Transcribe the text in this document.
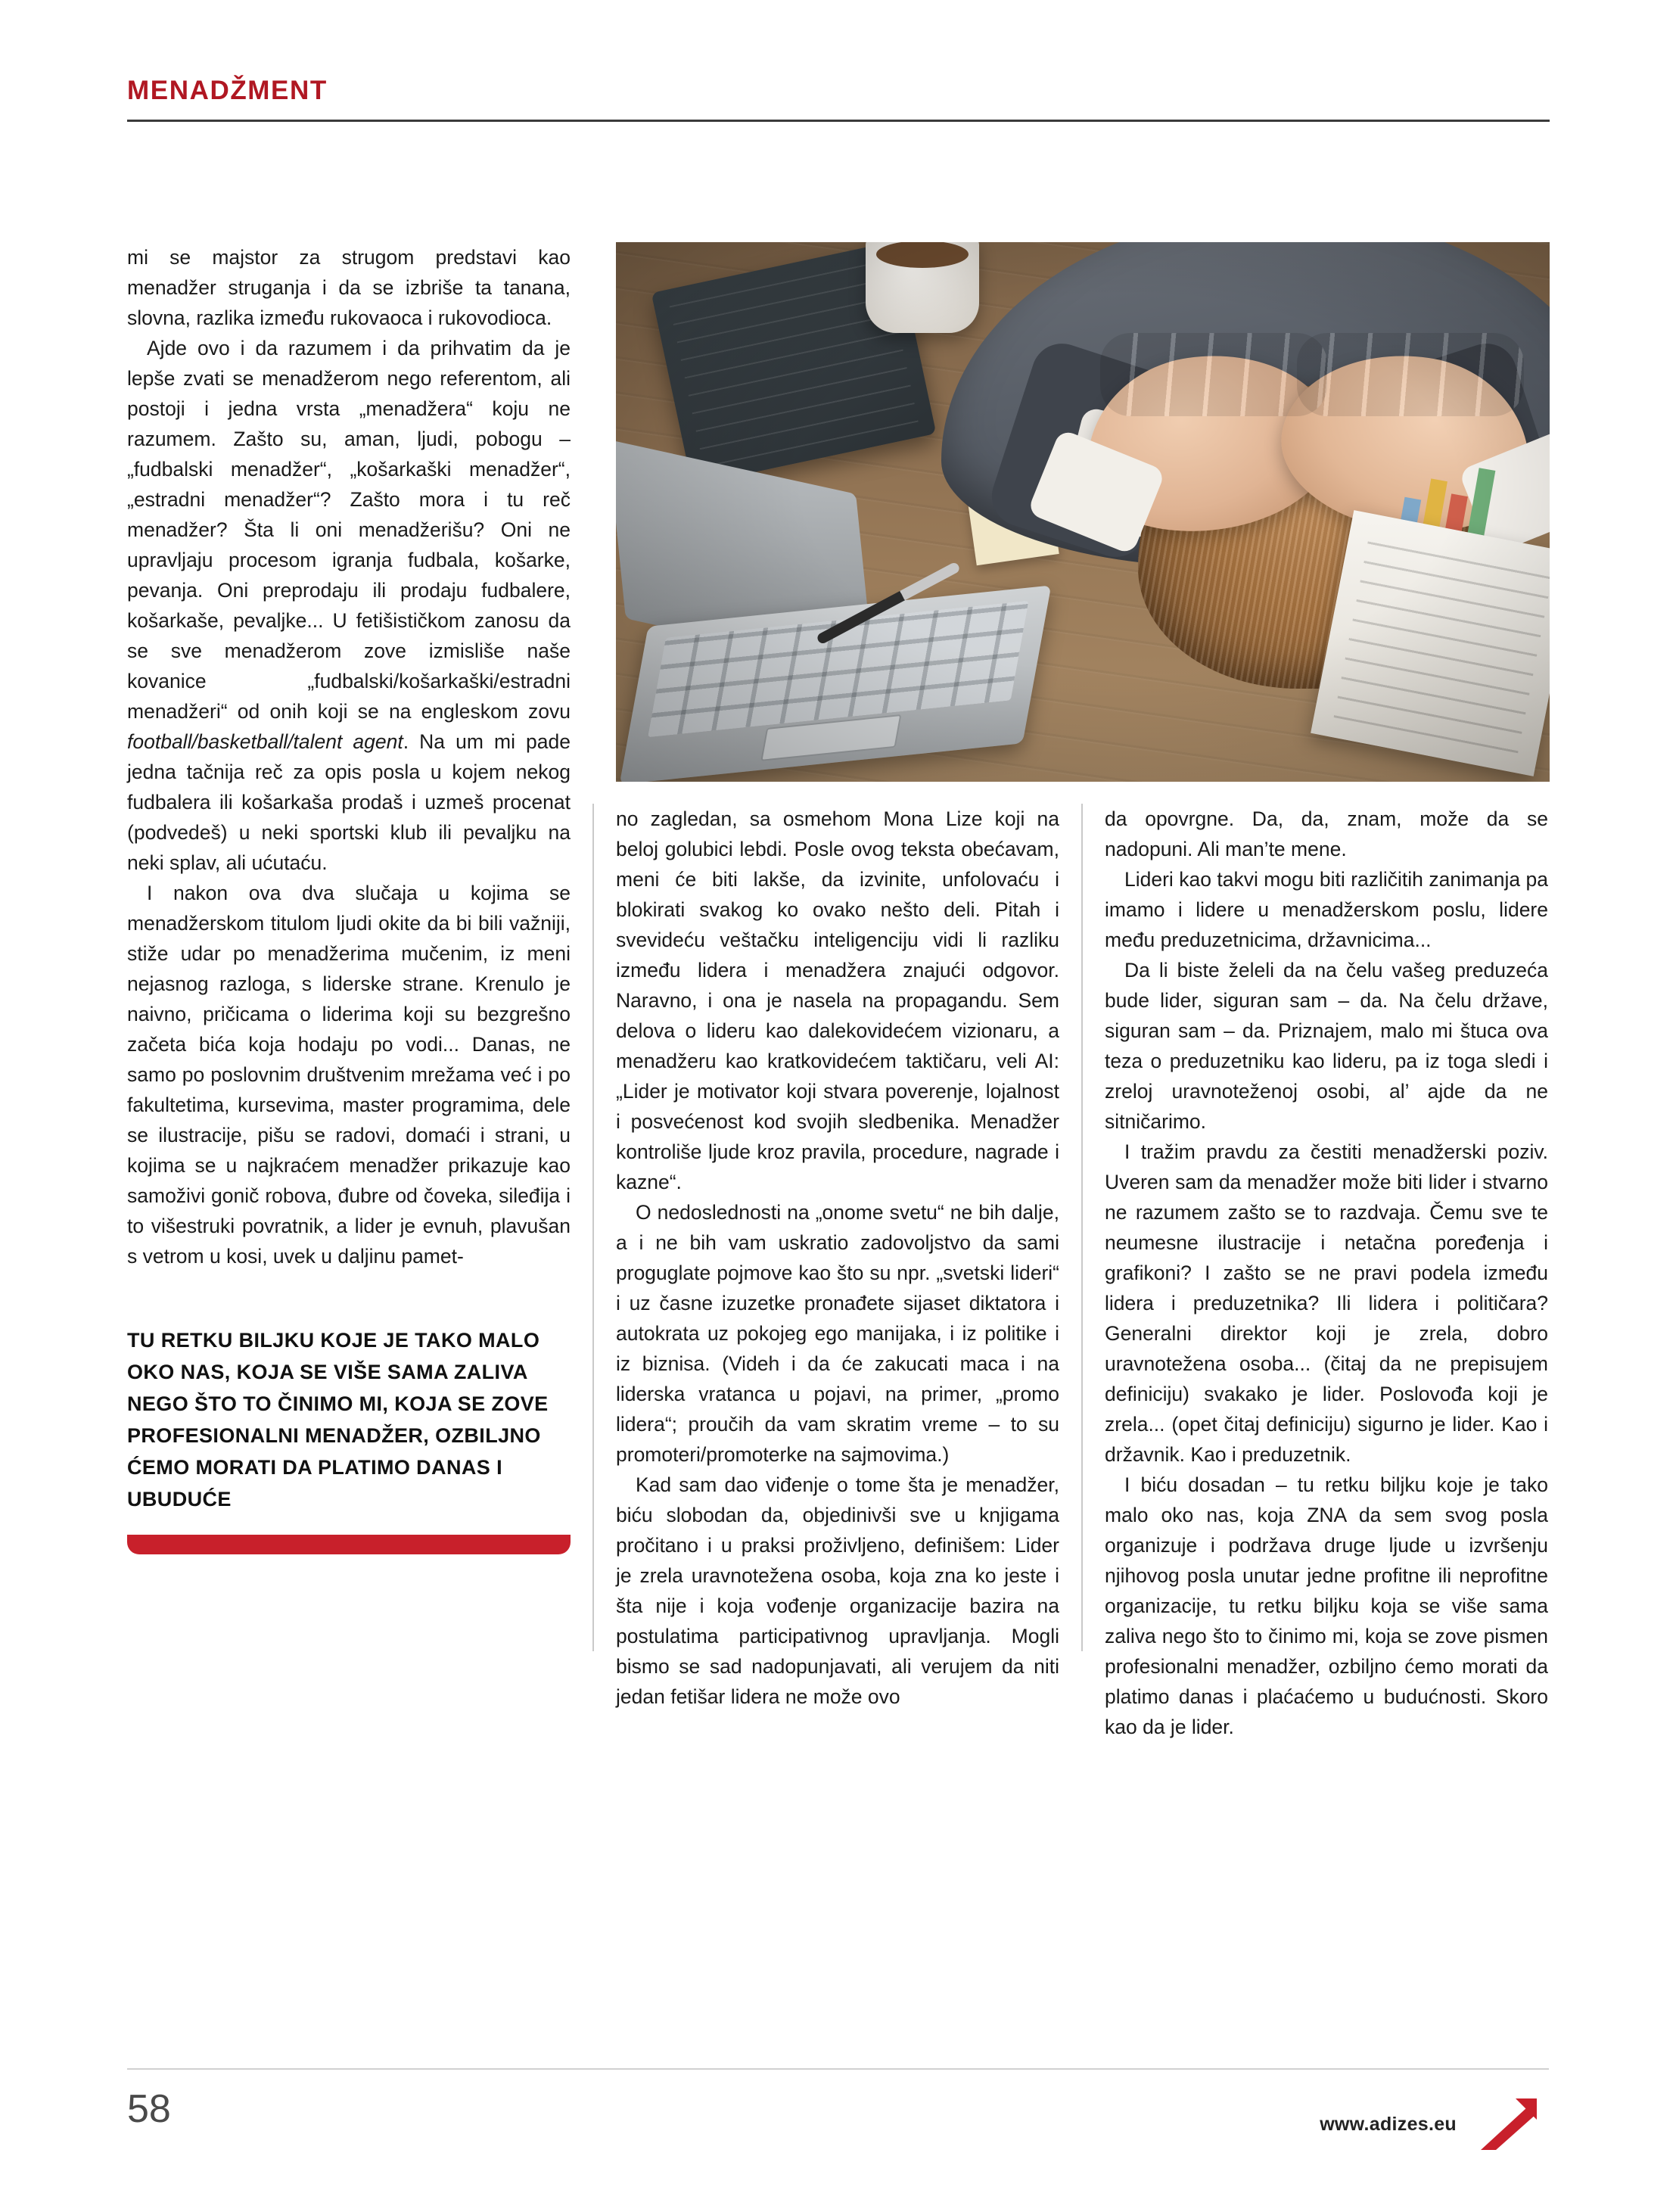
MENADŽMENT

mi se majstor za strugom predstavi kao menadžer struganja i da se izbriše ta tanana, slovna, razlika između rukovaoca i rukovodioca.

Ajde ovo i da razumem i da prihvatim da je lepše zvati se menadžerom nego referentom, ali postoji i jedna vrsta „menadžera“ koju ne razumem. Zašto su, aman, ljudi, pobogu – „fudbalski menadžer“, „košarkaški menadžer“, „estradni menadžer“? Zašto mora i tu reč menadžer? Šta li oni menadžerišu? Oni ne upravljaju procesom igranja fudbala, košarke, pevanja. Oni preprodaju ili prodaju fudbalere, košarkaše, pevaljke... U fetišističkom zanosu da se sve menadžerom zove izmisliše naše kovanice „fudbalski/košarkaški/estradni menadžeri“ od onih koji se na engleskom zovu football/basketball/talent agent. Na um mi pade jedna tačnija reč za opis posla u kojem nekog fudbalera ili košarkaša prodaš i uzmeš procenat (podvedeš) u neki sportski klub ili pevaljku na neki splav, ali ućutaću.

I nakon ova dva slučaja u kojima se menadžerskom titulom ljudi okite da bi bili važniji, stiže udar po menadžerima mučenim, iz meni nejasnog razloga, s liderske strane. Krenulo je naivno, pričicama o liderima koji su bezgrešno začeta bića koja hodaju po vodi... Danas, ne samo po poslovnim društvenim mrežama već i po fakultetima, kursevima, master programima, dele se ilustracije, pišu se radovi, domaći i strani, u kojima se u najkraćem menadžer prikazuje kao samoživi gonič robova, đubre od čoveka, sileđija i to višestruki povratnik, a lider je evnuh, plavušan s vetrom u kosi, uvek u daljinu pamet-

TU RETKU BILJKU KOJE JE TAKO MALO OKO NAS, KOJA SE VIŠE SAMA ZALIVA NEGO ŠTO TO ČINIMO MI, KOJA SE ZOVE PROFESIONALNI MENADŽER, OZBILJNO ĆEMO MORATI DA PLATIMO DANAS I UBUDUĆE

no zagledan, sa osmehom Mona Lize koji na beloj golubici lebdi. Posle ovog teksta obećavam, meni će biti lakše, da izvinite, unfolovaću i blokirati svakog ko ovako nešto deli. Pitah i svevideću veštačku inteligenciju vidi li razliku između lidera i menadžera znajući odgovor. Naravno, i ona je nasela na propagandu. Sem delova o lideru kao dalekovidećem vizionaru, a menadžeru kao kratkovidećem taktičaru, veli AI: „Lider je motivator koji stvara poverenje, lojalnost i posvećenost kod svojih sledbenika. Menadžer kontroliše ljude kroz pravila, procedure, nagrade i kazne“.

O nedoslednosti na „onome svetu“ ne bih dalje, a i ne bih vam uskratio zadovoljstvo da sami proguglate pojmove kao što su npr. „svetski lideri“ i uz časne izuzetke pronađete sijaset diktatora i autokrata uz pokojeg ego manijaka, i iz politike i iz biznisa. (Videh i da će zakucati maca i na liderska vratanca u pojavi, na primer, „promo lidera“; proučih da vam skratim vreme – to su promoteri/promoterke na sajmovima.)

Kad sam dao viđenje o tome šta je menadžer, biću slobodan da, objedinivši sve u knjigama pročitano i u praksi proživljeno, definišem: Lider je zrela uravnotežena osoba, koja zna ko jeste i šta nije i koja vođenje organizacije bazira na postulatima participativnog upravljanja. Mogli bismo se sad nadopunjavati, ali verujem da niti jedan fetišar lidera ne može ovo

da opovrgne. Da, da, znam, može da se nadopuni. Ali man’te mene.

Lideri kao takvi mogu biti različitih zanimanja pa imamo i lidere u menadžerskom poslu, lidere među preduzetnicima, državnicima...

Da li biste želeli da na čelu vašeg preduzeća bude lider, siguran sam – da. Na čelu države, siguran sam – da. Priznajem, malo mi štuca ova teza o preduzetniku kao lideru, pa iz toga sledi i zreloj uravnoteženoj osobi, al’ ajde da ne sitničarimo.

I tražim pravdu za čestiti menadžerski poziv. Uveren sam da menadžer može biti lider i stvarno ne razumem zašto se to razdvaja. Čemu sve te neumesne ilustracije i netačna poređenja i grafikoni? I zašto se ne pravi podela između lidera i preduzetnika? Ili lidera i političara? Generalni direktor koji je zrela, dobro uravnotežena osoba... (čitaj da ne prepisujem definiciju) svakako je lider. Poslovođa koji je zrela... (opet čitaj definiciju) sigurno je lider. Kao i državnik. Kao i preduzetnik.

I biću dosadan – tu retku biljku koje je tako malo oko nas, koja ZNA da sem svog posla organizuje i podržava druge ljude u izvršenju njihovog posla unutar jedne profitne ili neprofitne organizacije, tu retku biljku koja se više sama zaliva nego što to činimo mi, koja se zove pismen profesionalni menadžer, ozbiljno ćemo morati da platimo danas i plaćaćemo u budućnosti. Skoro kao da je lider.

58	www.adizes.eu
